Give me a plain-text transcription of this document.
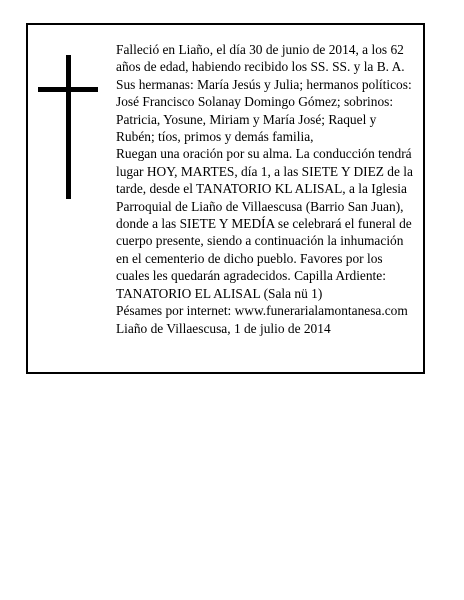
Falleció en Liaño, el día 30 de junio de 2014, a los 62
años de edad, habiendo recibido los SS. SS. y la B. A.
Sus hermanas: María Jesús y Julia; hermanos políticos:
José Francisco Solanay Domingo Gómez; sobrinos:
Patricia, Yosune, Miriam y María José; Raquel y
Rubén; tíos, primos y demás familia,
Ruegan una oración por su alma. La conducción tendrá
lugar HOY, MARTES, día 1, a las SIETE Y DIEZ de la
tarde, desde el TANATORIO KL ALISAL, a la Iglesia
Parroquial de Liaño de Villaescusa (Barrio San Juan),
donde a las SIETE Y MEDÍA se celebrará el funeral de
cuerpo presente, siendo a continuación la inhumación
en el cementerio de dicho pueblo. Favores por los
cuales les quedarán agradecidos. Capilla Ardiente:
TANATORIO EL ALISAL (Sala nü 1)
Pésames por internet: www.funerarialamontanesa.com
Liaño de Villaescusa, 1 de julio de 2014
